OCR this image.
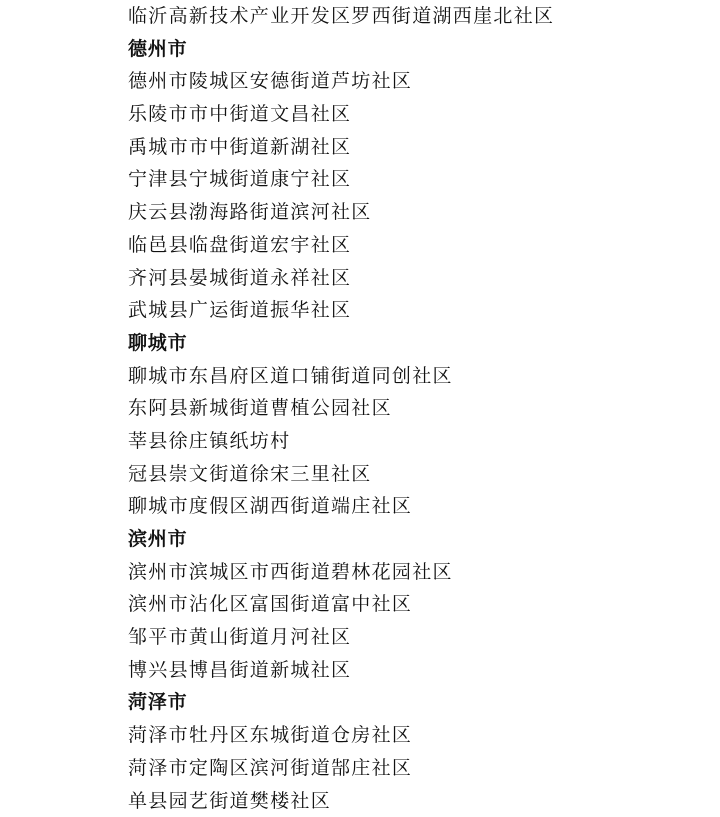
临沂高新技术产业开发区罗西街道湖西崖北社区
德州市
德州市陵城区安德街道芦坊社区
乐陵市市中街道文昌社区
禹城市市中街道新湖社区
宁津县宁城街道康宁社区
庆云县渤海路街道滨河社区
临邑县临盘街道宏宇社区
齐河县晏城街道永祥社区
武城县广运街道振华社区
聊城市
聊城市东昌府区道口铺街道同创社区
东阿县新城街道曹植公园社区
莘县徐庄镇纸坊村
冠县崇文街道徐宋三里社区
聊城市度假区湖西街道端庄社区
滨州市
滨州市滨城区市西街道碧林花园社区
滨州市沾化区富国街道富中社区
邹平市黄山街道月河社区
博兴县博昌街道新城社区
菏泽市
菏泽市牡丹区东城街道仓房社区
菏泽市定陶区滨河街道郜庄社区
单县园艺街道樊楼社区
